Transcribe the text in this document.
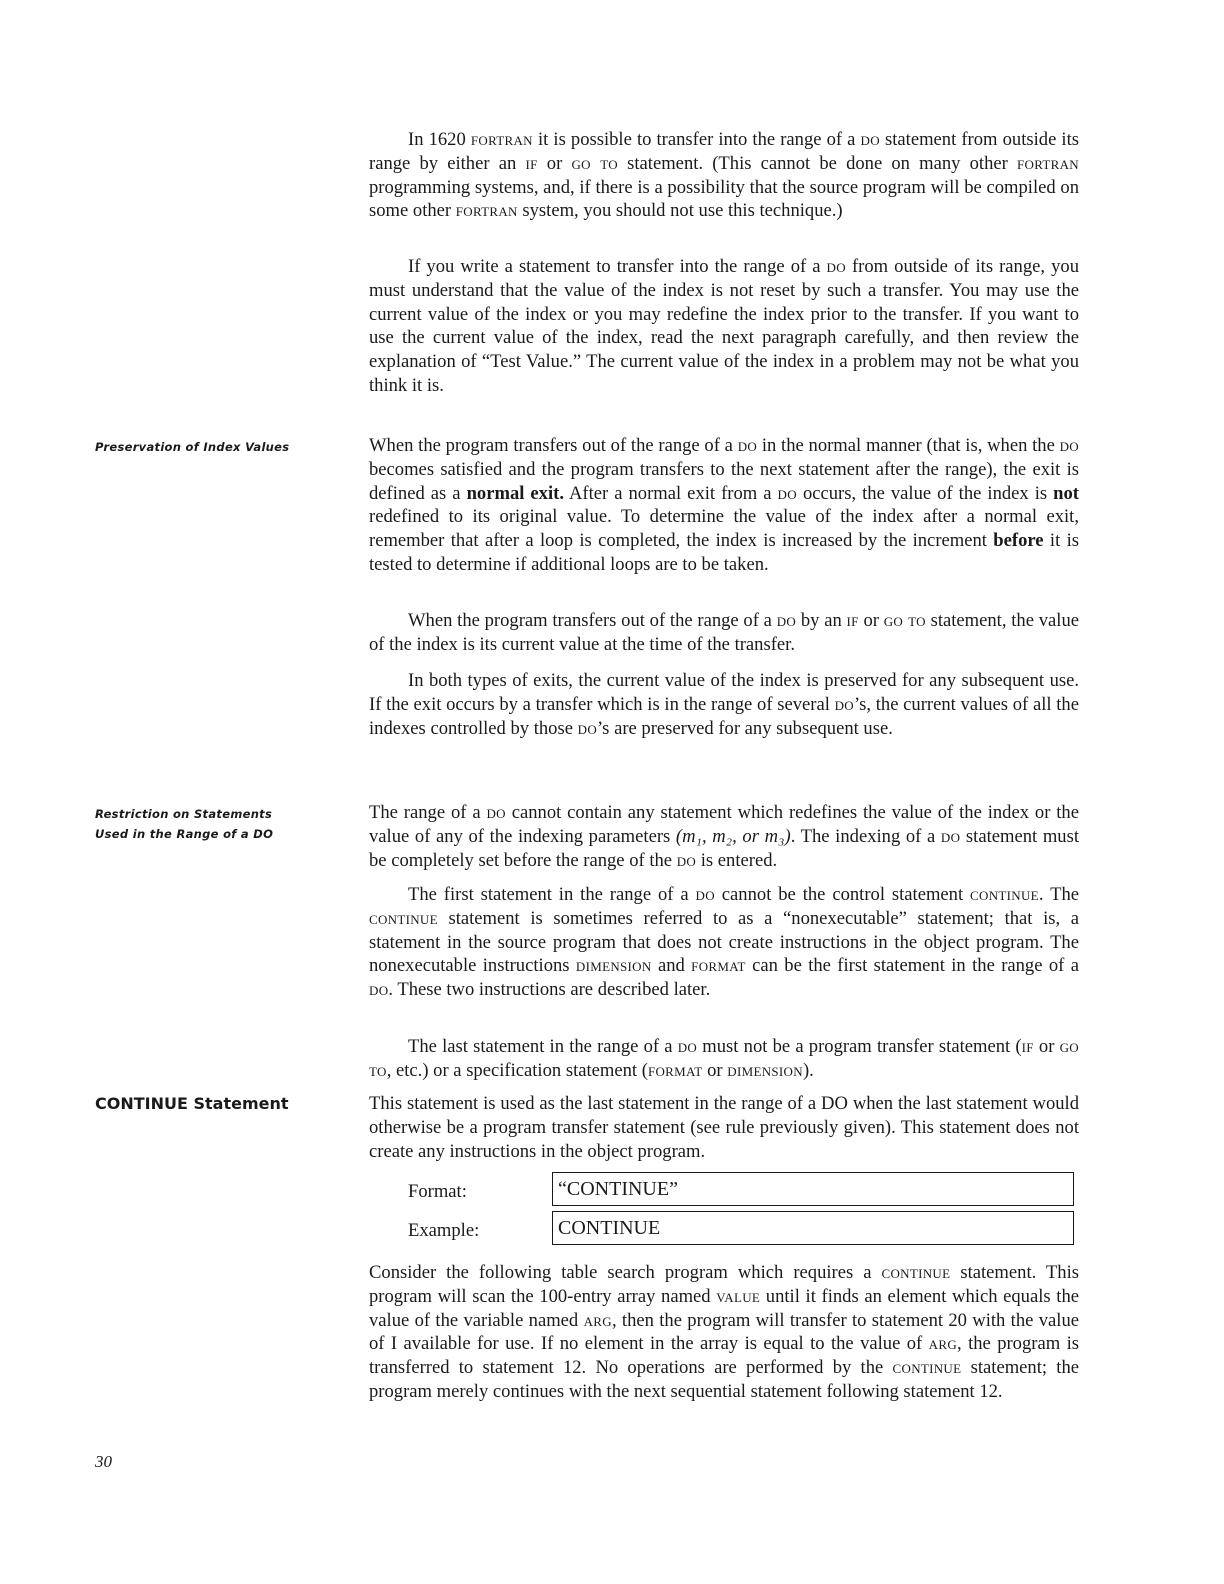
In 1620 fortran it is possible to transfer into the range of a do statement from outside its range by either an if or go to statement. (This cannot be done on many other fortran programming systems, and, if there is a possibility that the source program will be compiled on some other fortran system, you should not use this technique.)

If you write a statement to transfer into the range of a do from outside of its range, you must understand that the value of the index is not reset by such a transfer. You may use the current value of the index or you may redefine the index prior to the transfer. If you want to use the current value of the index, read the next paragraph carefully, and then review the explanation of “Test Value.” The current value of the index in a problem may not be what you think it is.

Preservation of Index Values	When the program transfers out of the range of a do in the normal manner (that is, when the do becomes satisfied and the program transfers to the next statement after the range), the exit is defined as a normal exit. After a normal exit from a do occurs, the value of the index is not redefined to its original value. To determine the value of the index after a normal exit, remember that after a loop is completed, the index is increased by the increment before it is tested to determine if additional loops are to be taken.

When the program transfers out of the range of a do by an if or go to statement, the value of the index is its current value at the time of the transfer.

In both types of exits, the current value of the index is preserved for any subsequent use. If the exit occurs by a transfer which is in the range of several do’s, the current values of all the indexes controlled by those do’s are preserved for any subsequent use.

Restriction on Statements
Used in the Range of a DO

The range of a do cannot contain any statement which redefines the value of the index or the value of any of the indexing parameters (m₁, m₂, or m₃). The indexing of a do statement must be completely set before the range of the do is entered.

The first statement in the range of a do cannot be the control statement continue. The continue statement is sometimes referred to as a “nonexecutable” statement; that is, a statement in the source program that does not create instructions in the object program. The nonexecutable instructions dimension and format can be the first statement in the range of a do. These two instructions are described later.

The last statement in the range of a do must not be a program transfer statement (if or go to, etc.) or a specification statement (format or dimension).

CONTINUE Statement	This statement is used as the last statement in the range of a DO when the last statement would otherwise be a program transfer statement (see rule previously given). This statement does not create any instructions in the object program.

Format:	“CONTINUE”
Example:	CONTINUE

Consider the following table search program which requires a continue statement. This program will scan the 100-entry array named value until it finds an element which equals the value of the variable named arg, then the program will transfer to statement 20 with the value of I available for use. If no element in the array is equal to the value of arg, the program is transferred to statement 12. No operations are performed by the continue statement; the program merely continues with the next sequential statement following statement 12.

30
